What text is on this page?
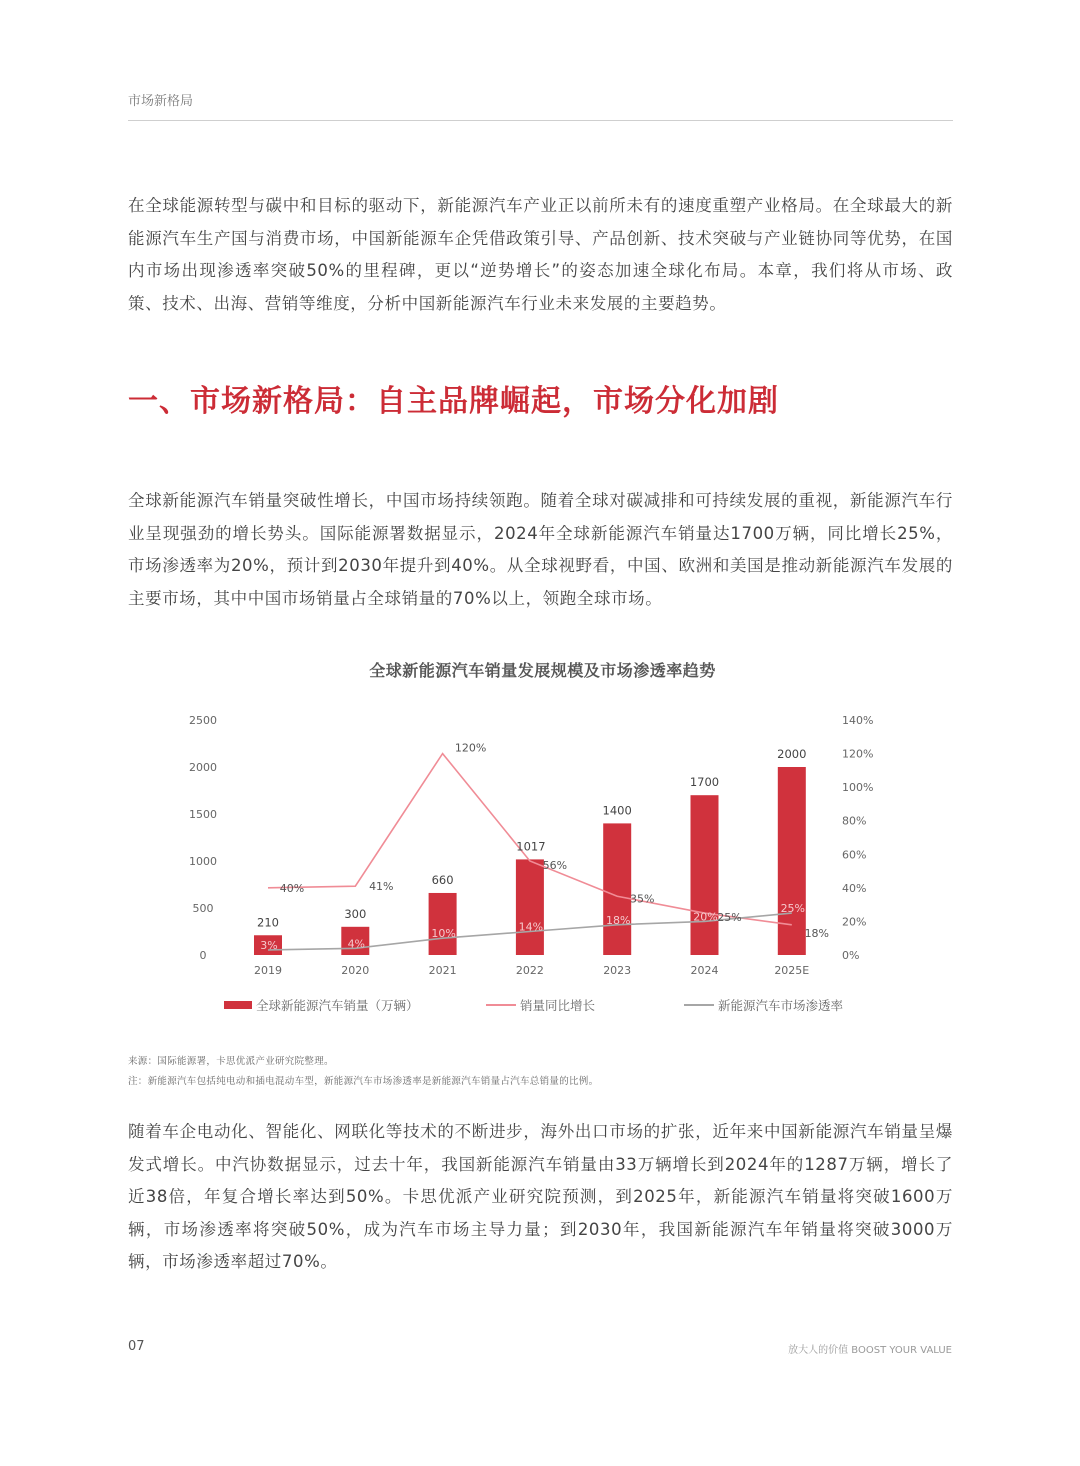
市场新格局

在全球能源转型与碳中和目标的驱动下，新能源汽车产业正以前所未有的速度重塑产业格局。在全球最大的新能源汽车生产国与消费市场，中国新能源车企凭借政策引导、产品创新、技术突破与产业链协同等优势，在国内市场出现渗透率突破50%的里程碑，更以“逆势增长”的姿态加速全球化布局。本章，我们将从市场、政策、技术、出海、营销等维度，分析中国新能源汽车行业未来发展的主要趋势。

一、市场新格局：自主品牌崛起，市场分化加剧

全球新能源汽车销量突破性增长，中国市场持续领跑。随着全球对碳减排和可持续发展的重视，新能源汽车行业呈现强劲的增长势头。国际能源署数据显示，2024年全球新能源汽车销量达1700万辆，同比增长25%，市场渗透率为20%，预计到2030年提升到40%。从全球视野看，中国、欧洲和美国是推动新能源汽车发展的主要市场，其中中国市场销量占全球销量的70%以上，领跑全球市场。

全球新能源汽车销量发展规模及市场渗透率趋势
0
500
1000
1500
2000
2500
0%
20%
40%
60%
80%
100%
120%
140%
2019	2020	2021	2022	2023	2024	2025E
210
300
660
1017
1400
1700
2000
40%	41%
120%
56%
35%
25%
18%
3%	4%
10%
14%
18%	20%
25%
全球新能源汽车销量（万辆）	销量同比增长	新能源汽车市场渗透率
来源：国际能源署，卡思优派产业研究院整理。
注：新能源汽车包括纯电动和插电混动车型，新能源汽车市场渗透率是新能源汽车销量占汽车总销量的比例。

随着车企电动化、智能化、网联化等技术的不断进步，海外出口市场的扩张，近年来中国新能源汽车销量呈爆发式增长。中汽协数据显示，过去十年，我国新能源汽车销量由33万辆增长到2024年的1287万辆，增长了近38倍，年复合增长率达到50%。卡思优派产业研究院预测，到2025年，新能源汽车销量将突破1600万辆，市场渗透率将突破50%，成为汽车市场主导力量；到2030年，我国新能源汽车年销量将突破3000万辆，市场渗透率超过70%。

07	放大人的价值 BOOST YOUR VALUE
